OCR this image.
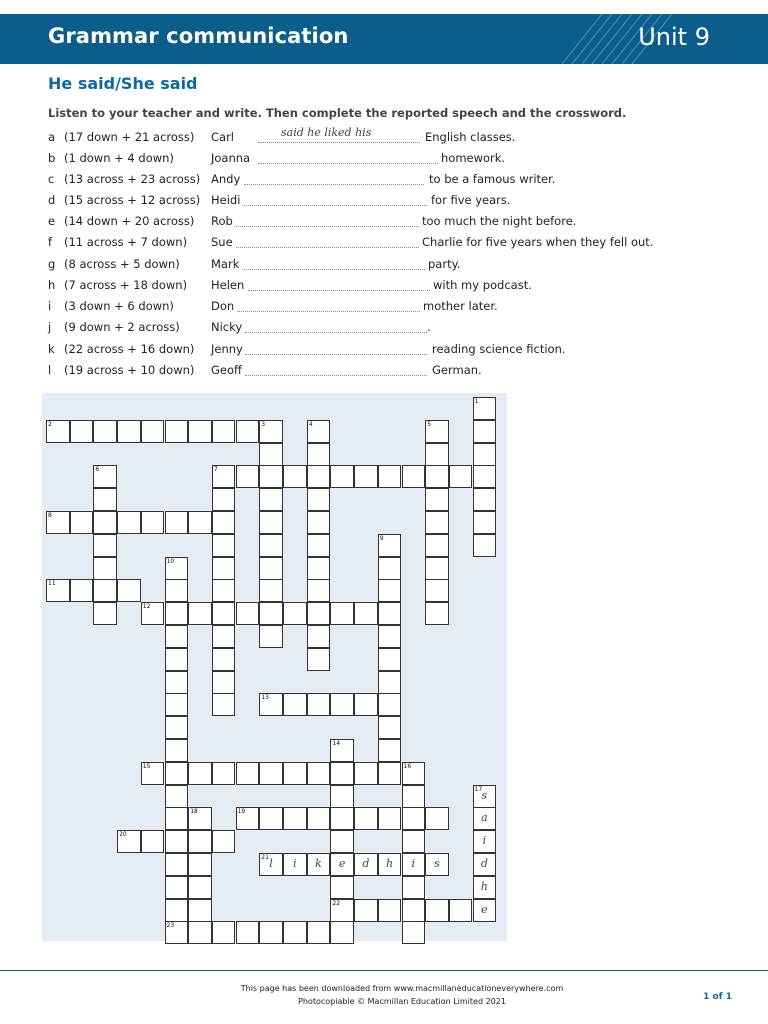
Grammar communication	Unit 9
He said/She said
Listen to your teacher and write. Then complete the reported speech and the crossword.
a (17 down + 21 across) Carl	said he liked his	English classes.
b (1 down + 4 down)	Joanna	homework.
c (13 across + 23 across) Andy	to be a famous writer.
d (15 across + 12 across) Heidi	for five years.
e (14 down + 20 across) Rob	too much the night before.
f (11 across + 7 down) Sue	Charlie for five years when they fell out.
g (8 across + 5 down)	Mark	party.
h (7 across + 18 down) Helen	with my podcast.
i (3 down + 6 down)	Don	mother later.
j (9 down + 2 across)	Nicky	.
k (22 across + 16 down) Jenny	reading science fiction.
l (19 across + 10 down) Geoff	German.
1
2	3	4	5
6	7
8
9
10
11
12
13
14
e
15	16
i
17 s
a
i
d
h
e
18	19
20
21 l	i	k	d	h	s
22
23
This page has been downloaded from www.macmillaneducationeverywhere.com
Photocopiable © Macmillan Education Limited 2021	1 of 1
